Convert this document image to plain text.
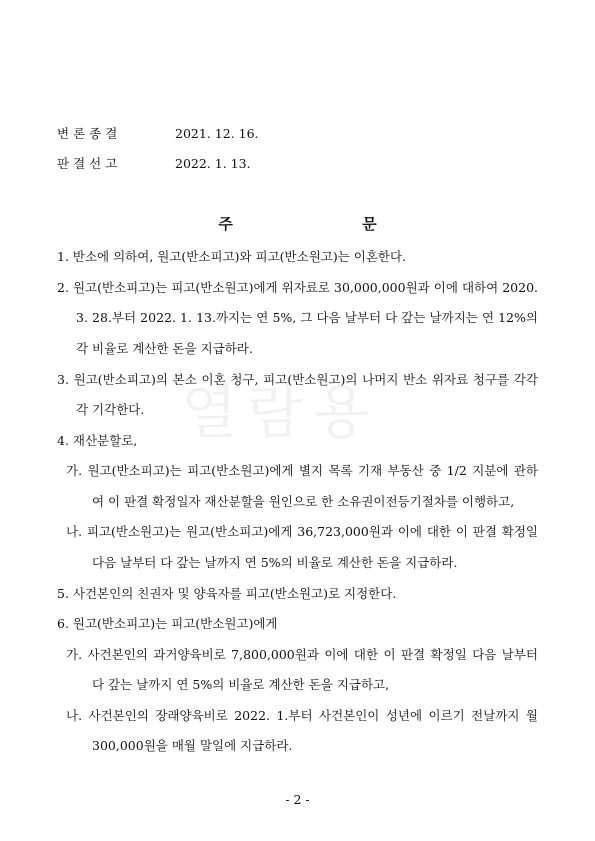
열람용
변론종결	2021. 12. 16.
판결선고	2022. 1. 13.
주 문
1. 반소에 의하여, 원고(반소피고)와 피고(반소원고)는 이혼한다.
2. 원고(반소피고)는 피고(반소원고)에게 위자료로 30,000,000원과 이에 대하여 2020.
3. 28.부터 2022. 1. 13.까지는 연 5%, 그 다음 날부터 다 갚는 날까지는 연 12%의
각 비율로 계산한 돈을 지급하라.
3. 원고(반소피고)의 본소 이혼 청구, 피고(반소원고)의 나머지 반소 위자료 청구를 각각
각 기각한다.
4. 재산분할로,
가. 원고(반소피고)는 피고(반소원고)에게 별지 목록 기재 부동산 중 1/2 지분에 관하
여 이 판결 확정일자 재산분할을 원인으로 한 소유권이전등기절차를 이행하고,
나. 피고(반소원고)는 원고(반소피고)에게 36,723,000원과 이에 대한 이 판결 확정일
다음 날부터 다 갚는 날까지 연 5%의 비율로 계산한 돈을 지급하라.
5. 사건본인의 친권자 및 양육자를 피고(반소원고)로 지정한다.
6. 원고(반소피고)는 피고(반소원고)에게
가. 사건본인의 과거양육비로 7,800,000원과 이에 대한 이 판결 확정일 다음 날부터
다 갚는 날까지 연 5%의 비율로 계산한 돈을 지급하고,
나. 사건본인의 장래양육비로 2022. 1.부터 사건본인이 성년에 이르기 전날까지 월
300,000원을 매월 말일에 지급하라.
- 2 -
